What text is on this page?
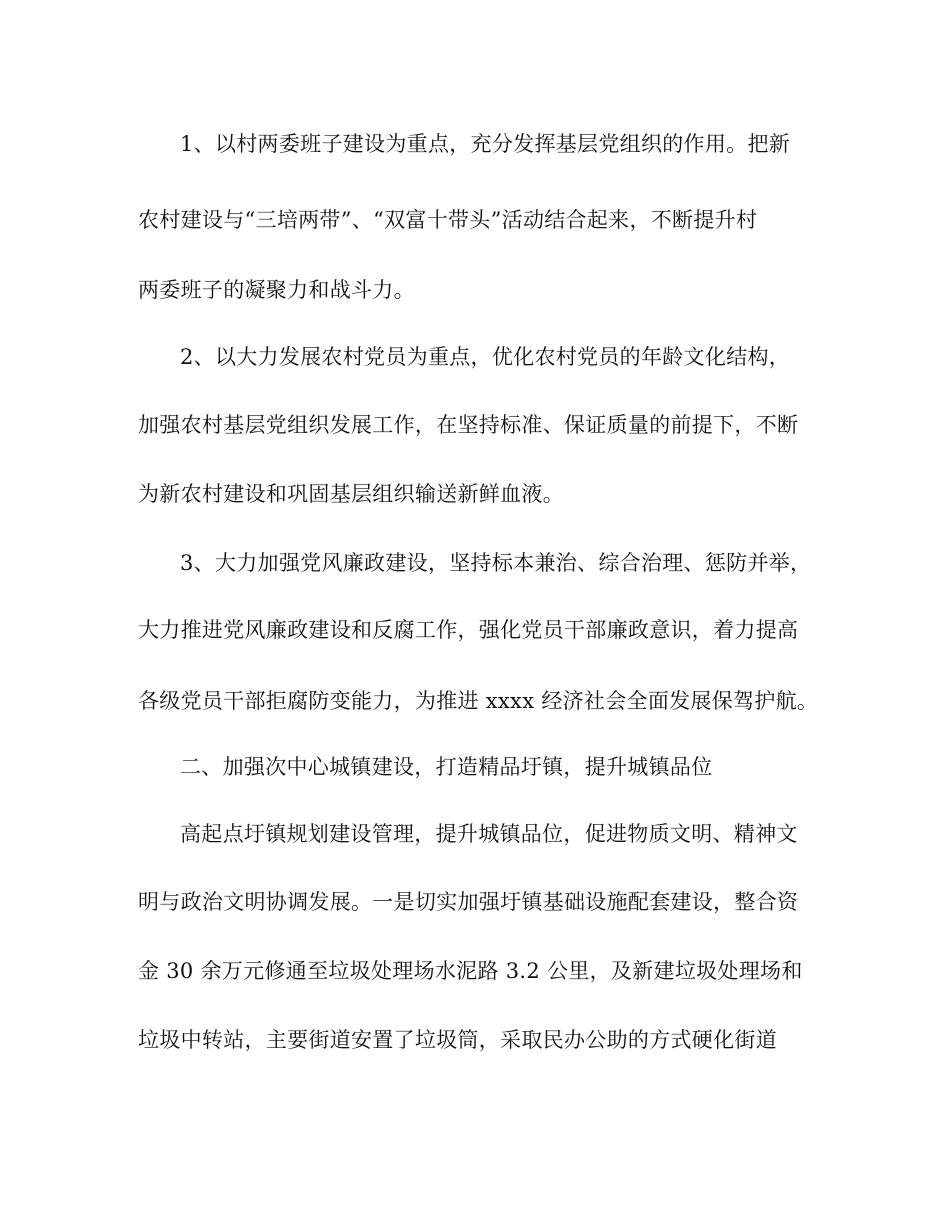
1、以村两委班子建设为重点，充分发挥基层党组织的作用。把新
农村建设与“三培两带”、“双富十带头”活动结合起来，不断提升村
两委班子的凝聚力和战斗力。
2、以大力发展农村党员为重点，优化农村党员的年龄文化结构，
加强农村基层党组织发展工作，在坚持标准、保证质量的前提下，不断
为新农村建设和巩固基层组织输送新鲜血液。
3、大力加强党风廉政建设，坚持标本兼治、综合治理、惩防并举，
大力推进党风廉政建设和反腐工作，强化党员干部廉政意识，着力提高
各级党员干部拒腐防变能力，为推进 xxxx 经济社会全面发展保驾护航。
二、加强次中心城镇建设，打造精品圩镇，提升城镇品位
高起点圩镇规划建设管理，提升城镇品位，促进物质文明、精神文
明与政治文明协调发展。一是切实加强圩镇基础设施配套建设，整合资
金 30 余万元修通至垃圾处理场水泥路 3.2 公里，及新建垃圾处理场和
垃圾中转站，主要街道安置了垃圾筒，采取民办公助的方式硬化街道
